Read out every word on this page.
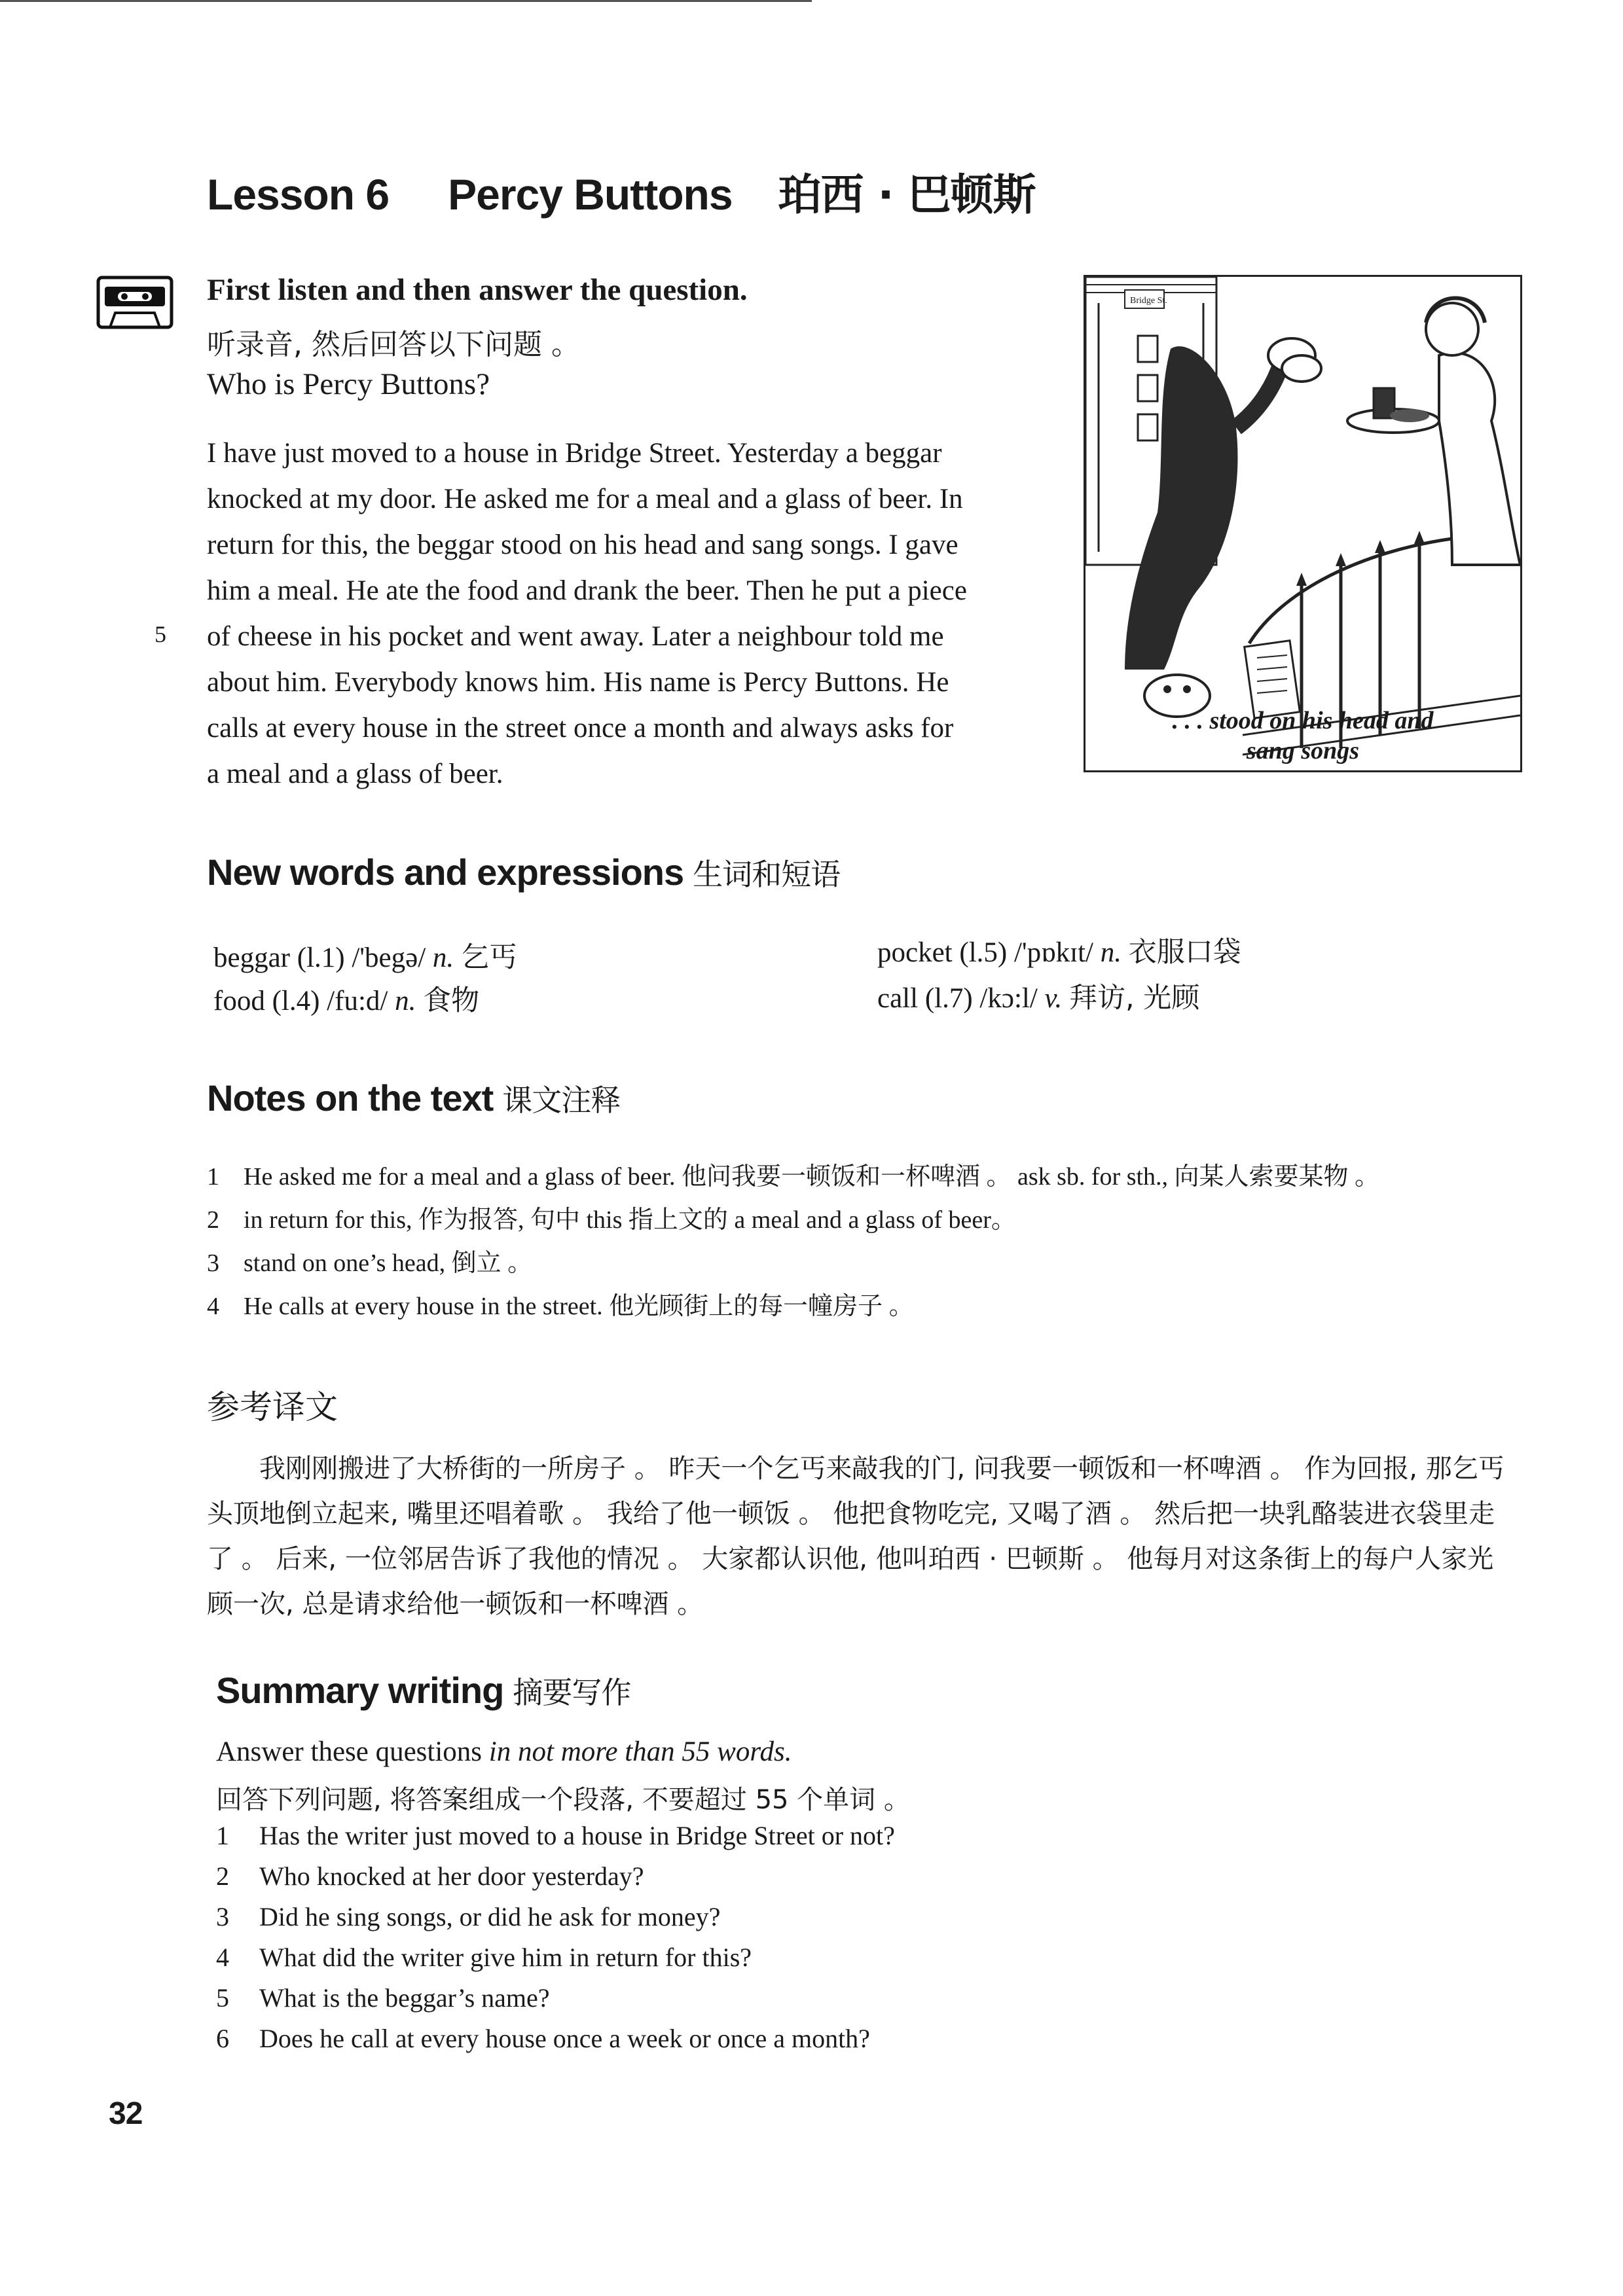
Lesson 6 Percy Buttons 珀西 · 巴顿斯
First listen and then answer the question.
听录音, 然后回答以下问题 。
Who is Percy Buttons?
I have just moved to a house in Bridge Street. Yesterday a beggar
knocked at my door. He asked me for a meal and a glass of beer. In
return for this, the beggar stood on his head and sang songs. I gave
him a meal. He ate the food and drank the beer. Then he put a piece
of cheese in his pocket and went away. Later a neighbour told me
about him. Everybody knows him. His name is Percy Buttons. He
calls at every house in the street once a month and always asks for
a meal and a glass of beer.
5
Bridge St.
. . . stood on his head and
sang songs
New words and expressions 生词和短语
beggar (l.1) /'begə/ n. 乞丐	pocket (l.5) /'pɒkɪt/ n. 衣服口袋
food (l.4) /fu:d/ n. 食物	call (l.7) /kɔ:l/ v. 拜访, 光顾
Notes on the text 课文注释
1 He asked me for a meal and a glass of beer. 他问我要一顿饭和一杯啤酒 。 ask sb. for sth., 向某人索要某物 。
2 in return for this, 作为报答, 句中 this 指上文的 a meal and a glass of beer。
3 stand on one’s head, 倒立 。
4 He calls at every house in the street. 他光顾街上的每一幢房子 。
参考译文
我刚刚搬进了大桥街的一所房子 。 昨天一个乞丐来敲我的门, 问我要一顿饭和一杯啤酒 。 作为回报, 那乞丐头顶地倒立起来, 嘴里还唱着歌 。 我给了他一顿饭 。 他把食物吃完, 又喝了酒 。 然后把一块乳酪装进衣袋里走了 。 后来, 一位邻居告诉了我他的情况 。 大家都认识他, 他叫珀西 · 巴顿斯 。 他每月对这条街上的每户人家光顾一次, 总是请求给他一顿饭和一杯啤酒 。
Summary writing 摘要写作
Answer these questions in not more than 55 words.
回答下列问题, 将答案组成一个段落, 不要超过 55 个单词 。
1	Has the writer just moved to a house in Bridge Street or not?
2	Who knocked at her door yesterday?
3	Did he sing songs, or did he ask for money?
4	What did the writer give him in return for this?
5	What is the beggar’s name?
6	Does he call at every house once a week or once a month?
32
